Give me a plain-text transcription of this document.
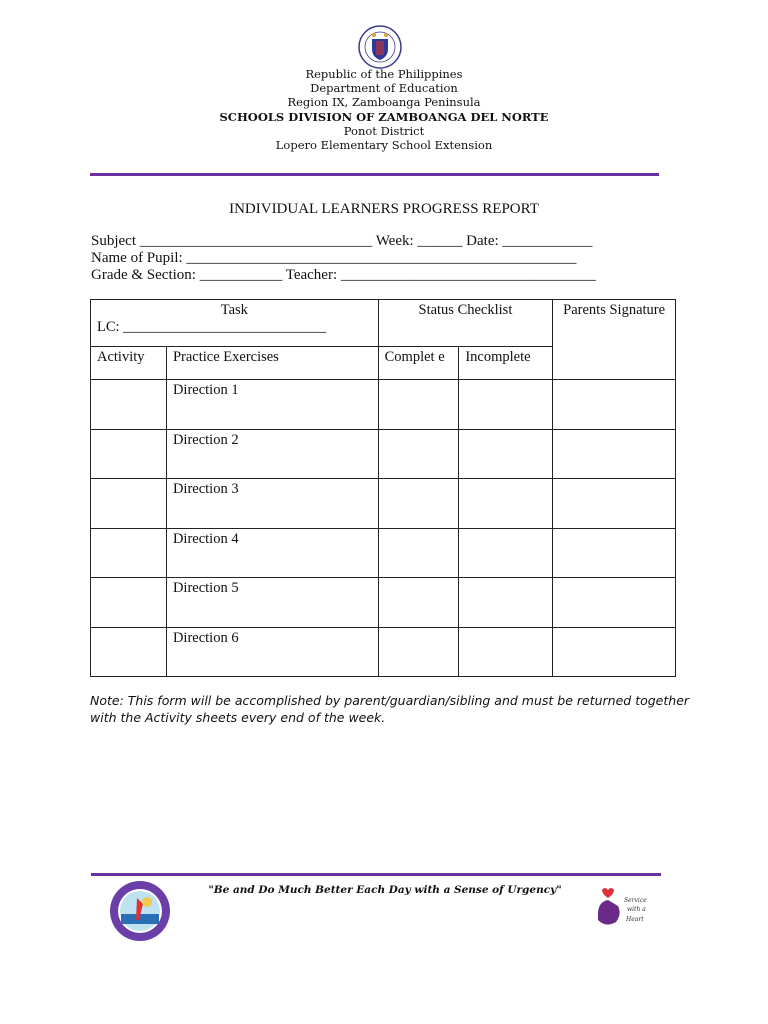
Republic of the Philippines
Department of Education
Region IX, Zamboanga Peninsula
SCHOOLS DIVISION OF ZAMBOANGA DEL NORTE
Ponot District
Lopero Elementary School Extension
INDIVIDUAL LEARNERS PROGRESS REPORT
Subject _______________________________ Week: ______ Date: ____________
Name of Pupil: ____________________________________________________
Grade & Section: ___________ Teacher: __________________________________
Task
LC: ____________________________		Status Checklist		Parents Signature
Activity	Practice Exercises	Complet e	Incomplete	
	Direction 1			
	Direction 2			
	Direction 3			
	Direction 4			
	Direction 5			
	Direction 6			
Note: This form will be accomplished by parent/guardian/sibling and must be returned together with the Activity sheets every end of the week.
"Be and Do Much Better Each Day with a Sense of Urgency"
Service
with a
Heart
